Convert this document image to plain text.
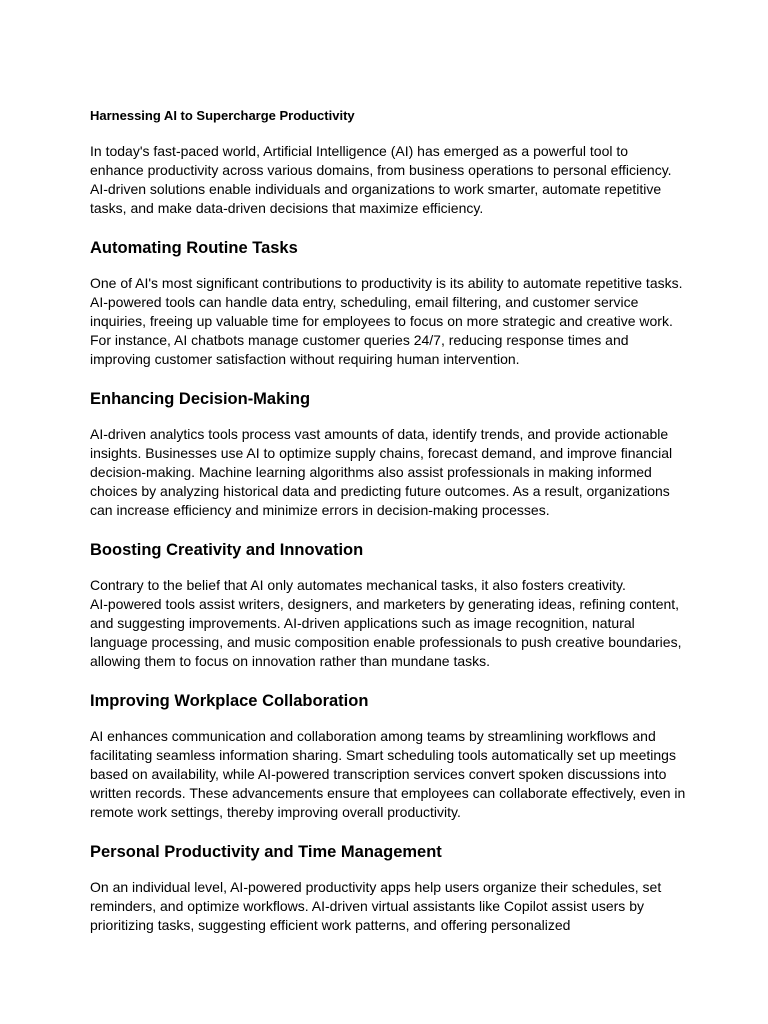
Harnessing AI to Supercharge Productivity
In today's fast-paced world, Artificial Intelligence (AI) has emerged as a powerful tool to
enhance productivity across various domains, from business operations to personal efficiency.
AI-driven solutions enable individuals and organizations to work smarter, automate repetitive
tasks, and make data-driven decisions that maximize efficiency.
Automating Routine Tasks
One of AI's most significant contributions to productivity is its ability to automate repetitive tasks.
AI-powered tools can handle data entry, scheduling, email filtering, and customer service
inquiries, freeing up valuable time for employees to focus on more strategic and creative work.
For instance, AI chatbots manage customer queries 24/7, reducing response times and
improving customer satisfaction without requiring human intervention.
Enhancing Decision-Making
AI-driven analytics tools process vast amounts of data, identify trends, and provide actionable
insights. Businesses use AI to optimize supply chains, forecast demand, and improve financial
decision-making. Machine learning algorithms also assist professionals in making informed
choices by analyzing historical data and predicting future outcomes. As a result, organizations
can increase efficiency and minimize errors in decision-making processes.
Boosting Creativity and Innovation
Contrary to the belief that AI only automates mechanical tasks, it also fosters creativity.
AI-powered tools assist writers, designers, and marketers by generating ideas, refining content,
and suggesting improvements. AI-driven applications such as image recognition, natural
language processing, and music composition enable professionals to push creative boundaries,
allowing them to focus on innovation rather than mundane tasks.
Improving Workplace Collaboration
AI enhances communication and collaboration among teams by streamlining workflows and
facilitating seamless information sharing. Smart scheduling tools automatically set up meetings
based on availability, while AI-powered transcription services convert spoken discussions into
written records. These advancements ensure that employees can collaborate effectively, even in
remote work settings, thereby improving overall productivity.
Personal Productivity and Time Management
On an individual level, AI-powered productivity apps help users organize their schedules, set
reminders, and optimize workflows. AI-driven virtual assistants like Copilot assist users by
prioritizing tasks, suggesting efficient work patterns, and offering personalized
